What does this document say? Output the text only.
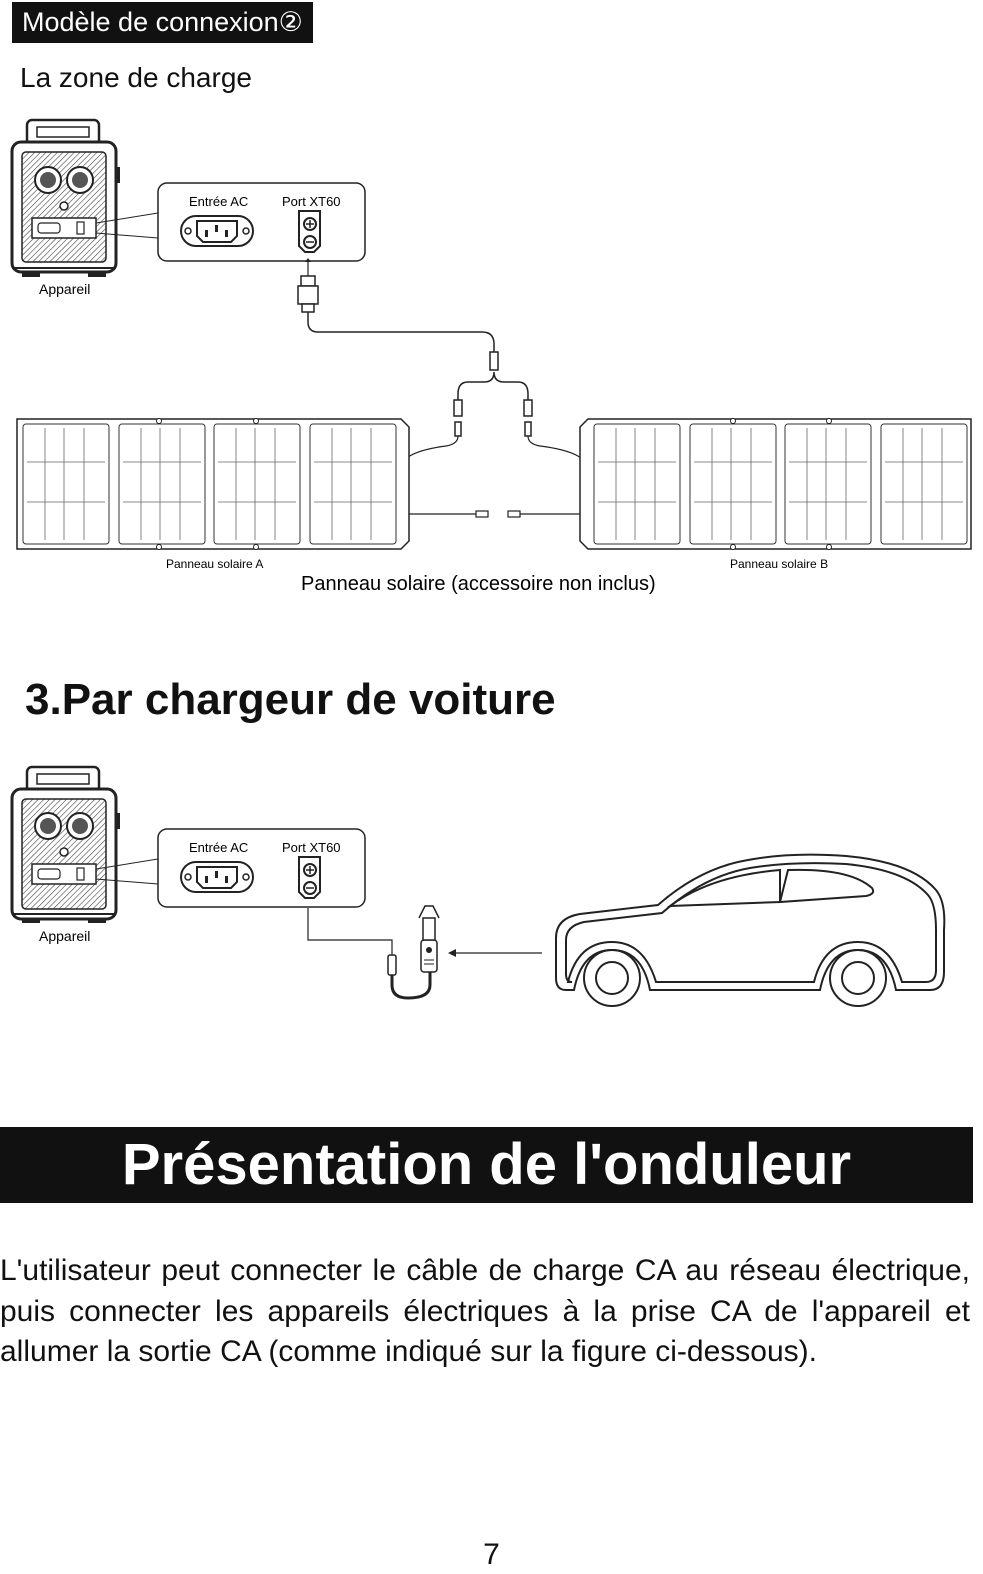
Modèle de connexion②
La zone de charge
Appareil
Entrée AC	Port XT60
Panneau solaire A	Panneau solaire B
Panneau solaire (accessoire non inclus)
3.Par chargeur de voiture
Appareil
Entrée AC	Port XT60
Présentation de l'onduleur
L'utilisateur peut connecter le câble de charge CA au réseau électrique, puis connecter les appareils électriques à la prise CA de l'appareil et allumer la sortie CA (comme indiqué sur la figure ci-dessous).
7
